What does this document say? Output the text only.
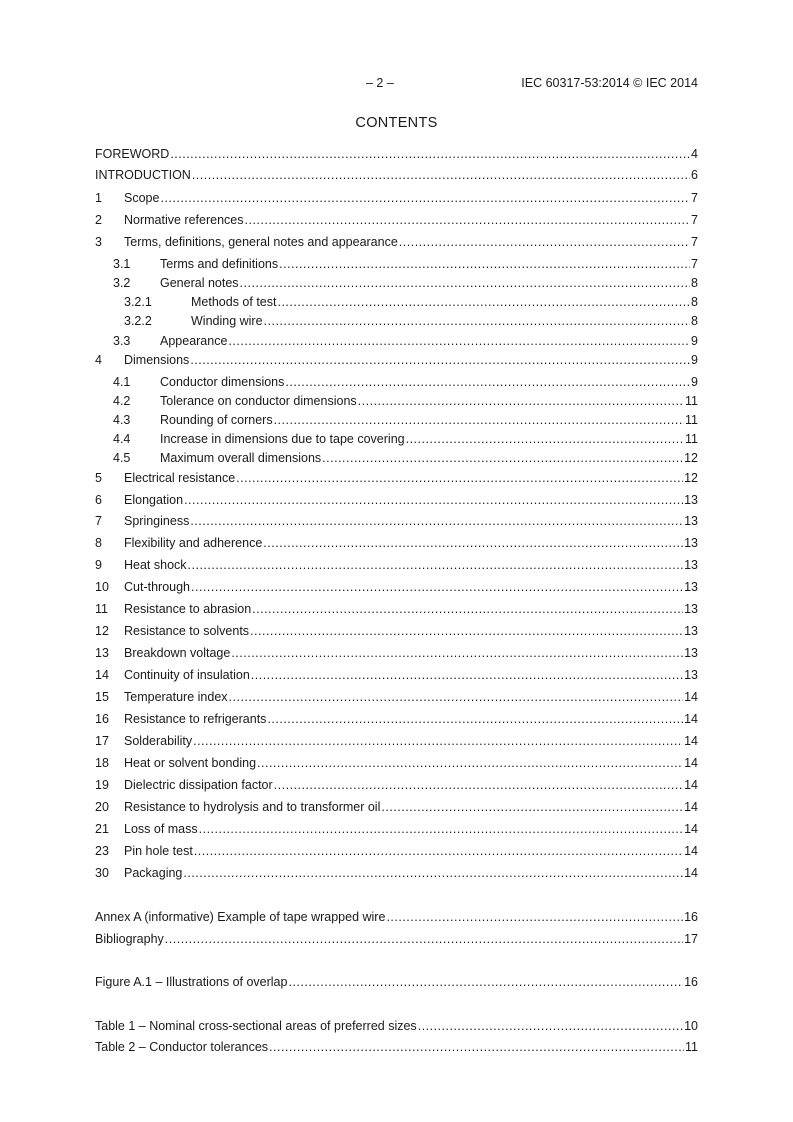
– 2 –	IEC 60317-53:2014 © IEC 2014
CONTENTS
FOREWORD .....	4
INTRODUCTION .....	6
1 Scope .....	7
2 Normative references .....	7
3 Terms, definitions, general notes and appearance .....	7
3.1 Terms and definitions .....	7
3.2 General notes .....	8
3.2.1	Methods of test .....	8
3.2.2	Winding wire .....	8
3.3 Appearance .....	9
4 Dimensions .....	9
4.1 Conductor dimensions .....	9
4.2 Tolerance on conductor dimensions .....	11
4.3 Rounding of corners .....	11
4.4 Increase in dimensions due to tape covering .....	11
4.5 Maximum overall dimensions .....	12
5 Electrical resistance .....	12
6 Elongation .....	13
7 Springiness .....	13
8 Flexibility and adherence .....	13
9 Heat shock .....	13
10 Cut-through .....	13
11 Resistance to abrasion .....	13
12 Resistance to solvents .....	13
13 Breakdown voltage .....	13
14 Continuity of insulation .....	13
15 Temperature index .....	14
16 Resistance to refrigerants .....	14
17 Solderability .....	14
18 Heat or solvent bonding .....	14
19 Dielectric dissipation factor .....	14
20 Resistance to hydrolysis and to transformer oil .....	14
21 Loss of mass .....	14
23 Pin hole test .....	14
30 Packaging .....	14
Annex A (informative) Example of tape wrapped wire .....	16
Bibliography .....	17
Figure A.1 – Illustrations of overlap .....	16
Table 1 – Nominal cross-sectional areas of preferred sizes .....	10
Table 2 – Conductor tolerances .....	11
